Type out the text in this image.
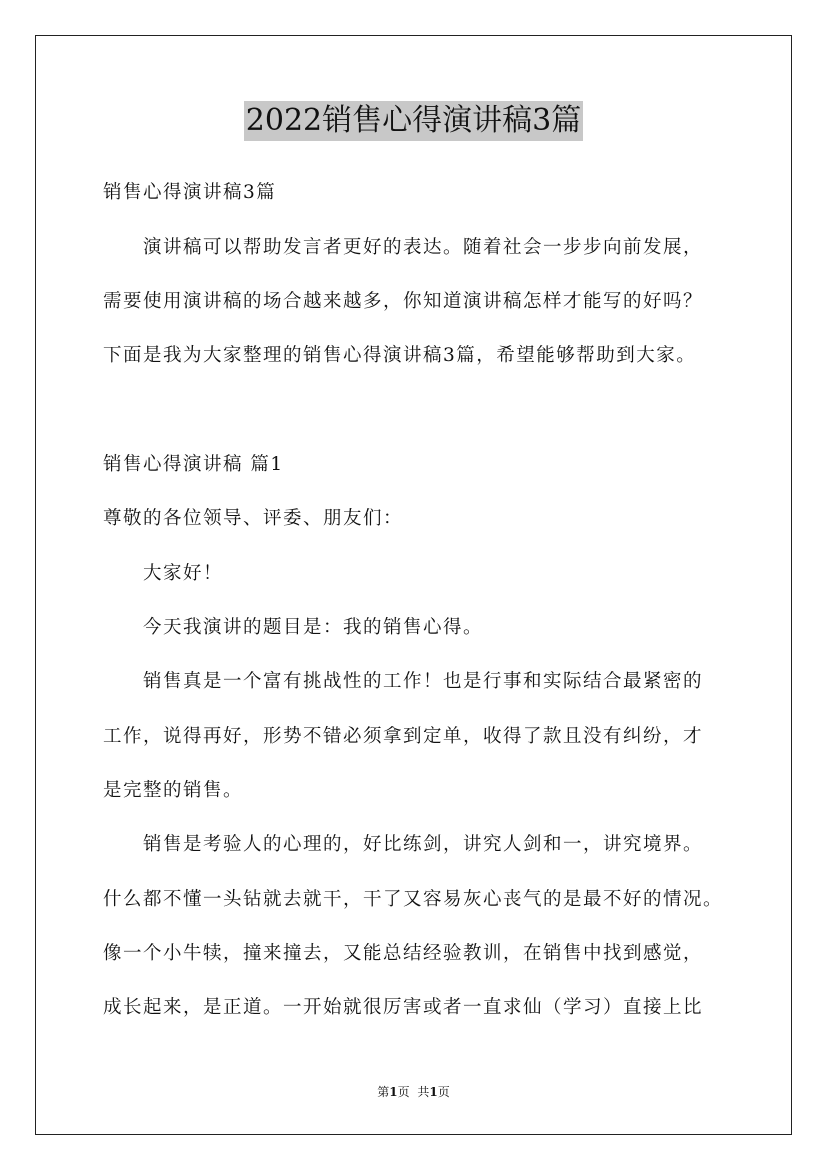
2022销售心得演讲稿3篇
销售心得演讲稿3篇
演讲稿可以帮助发言者更好的表达。随着社会一步步向前发展，
需要使用演讲稿的场合越来越多，你知道演讲稿怎样才能写的好吗？
下面是我为大家整理的销售心得演讲稿3篇，希望能够帮助到大家。
销售心得演讲稿 篇1
尊敬的各位领导、评委、朋友们：
大家好！
今天我演讲的题目是：我的销售心得。
销售真是一个富有挑战性的工作！也是行事和实际结合最紧密的
工作，说得再好，形势不错必须拿到定单，收得了款且没有纠纷，才
是完整的销售。
销售是考验人的心理的，好比练剑，讲究人剑和一，讲究境界。
什么都不懂一头钻就去就干，干了又容易灰心丧气的是最不好的情况。
像一个小牛犊，撞来撞去，又能总结经验教训，在销售中找到感觉，
成长起来，是正道。一开始就很厉害或者一直求仙（学习）直接上比
第1页 共1页
